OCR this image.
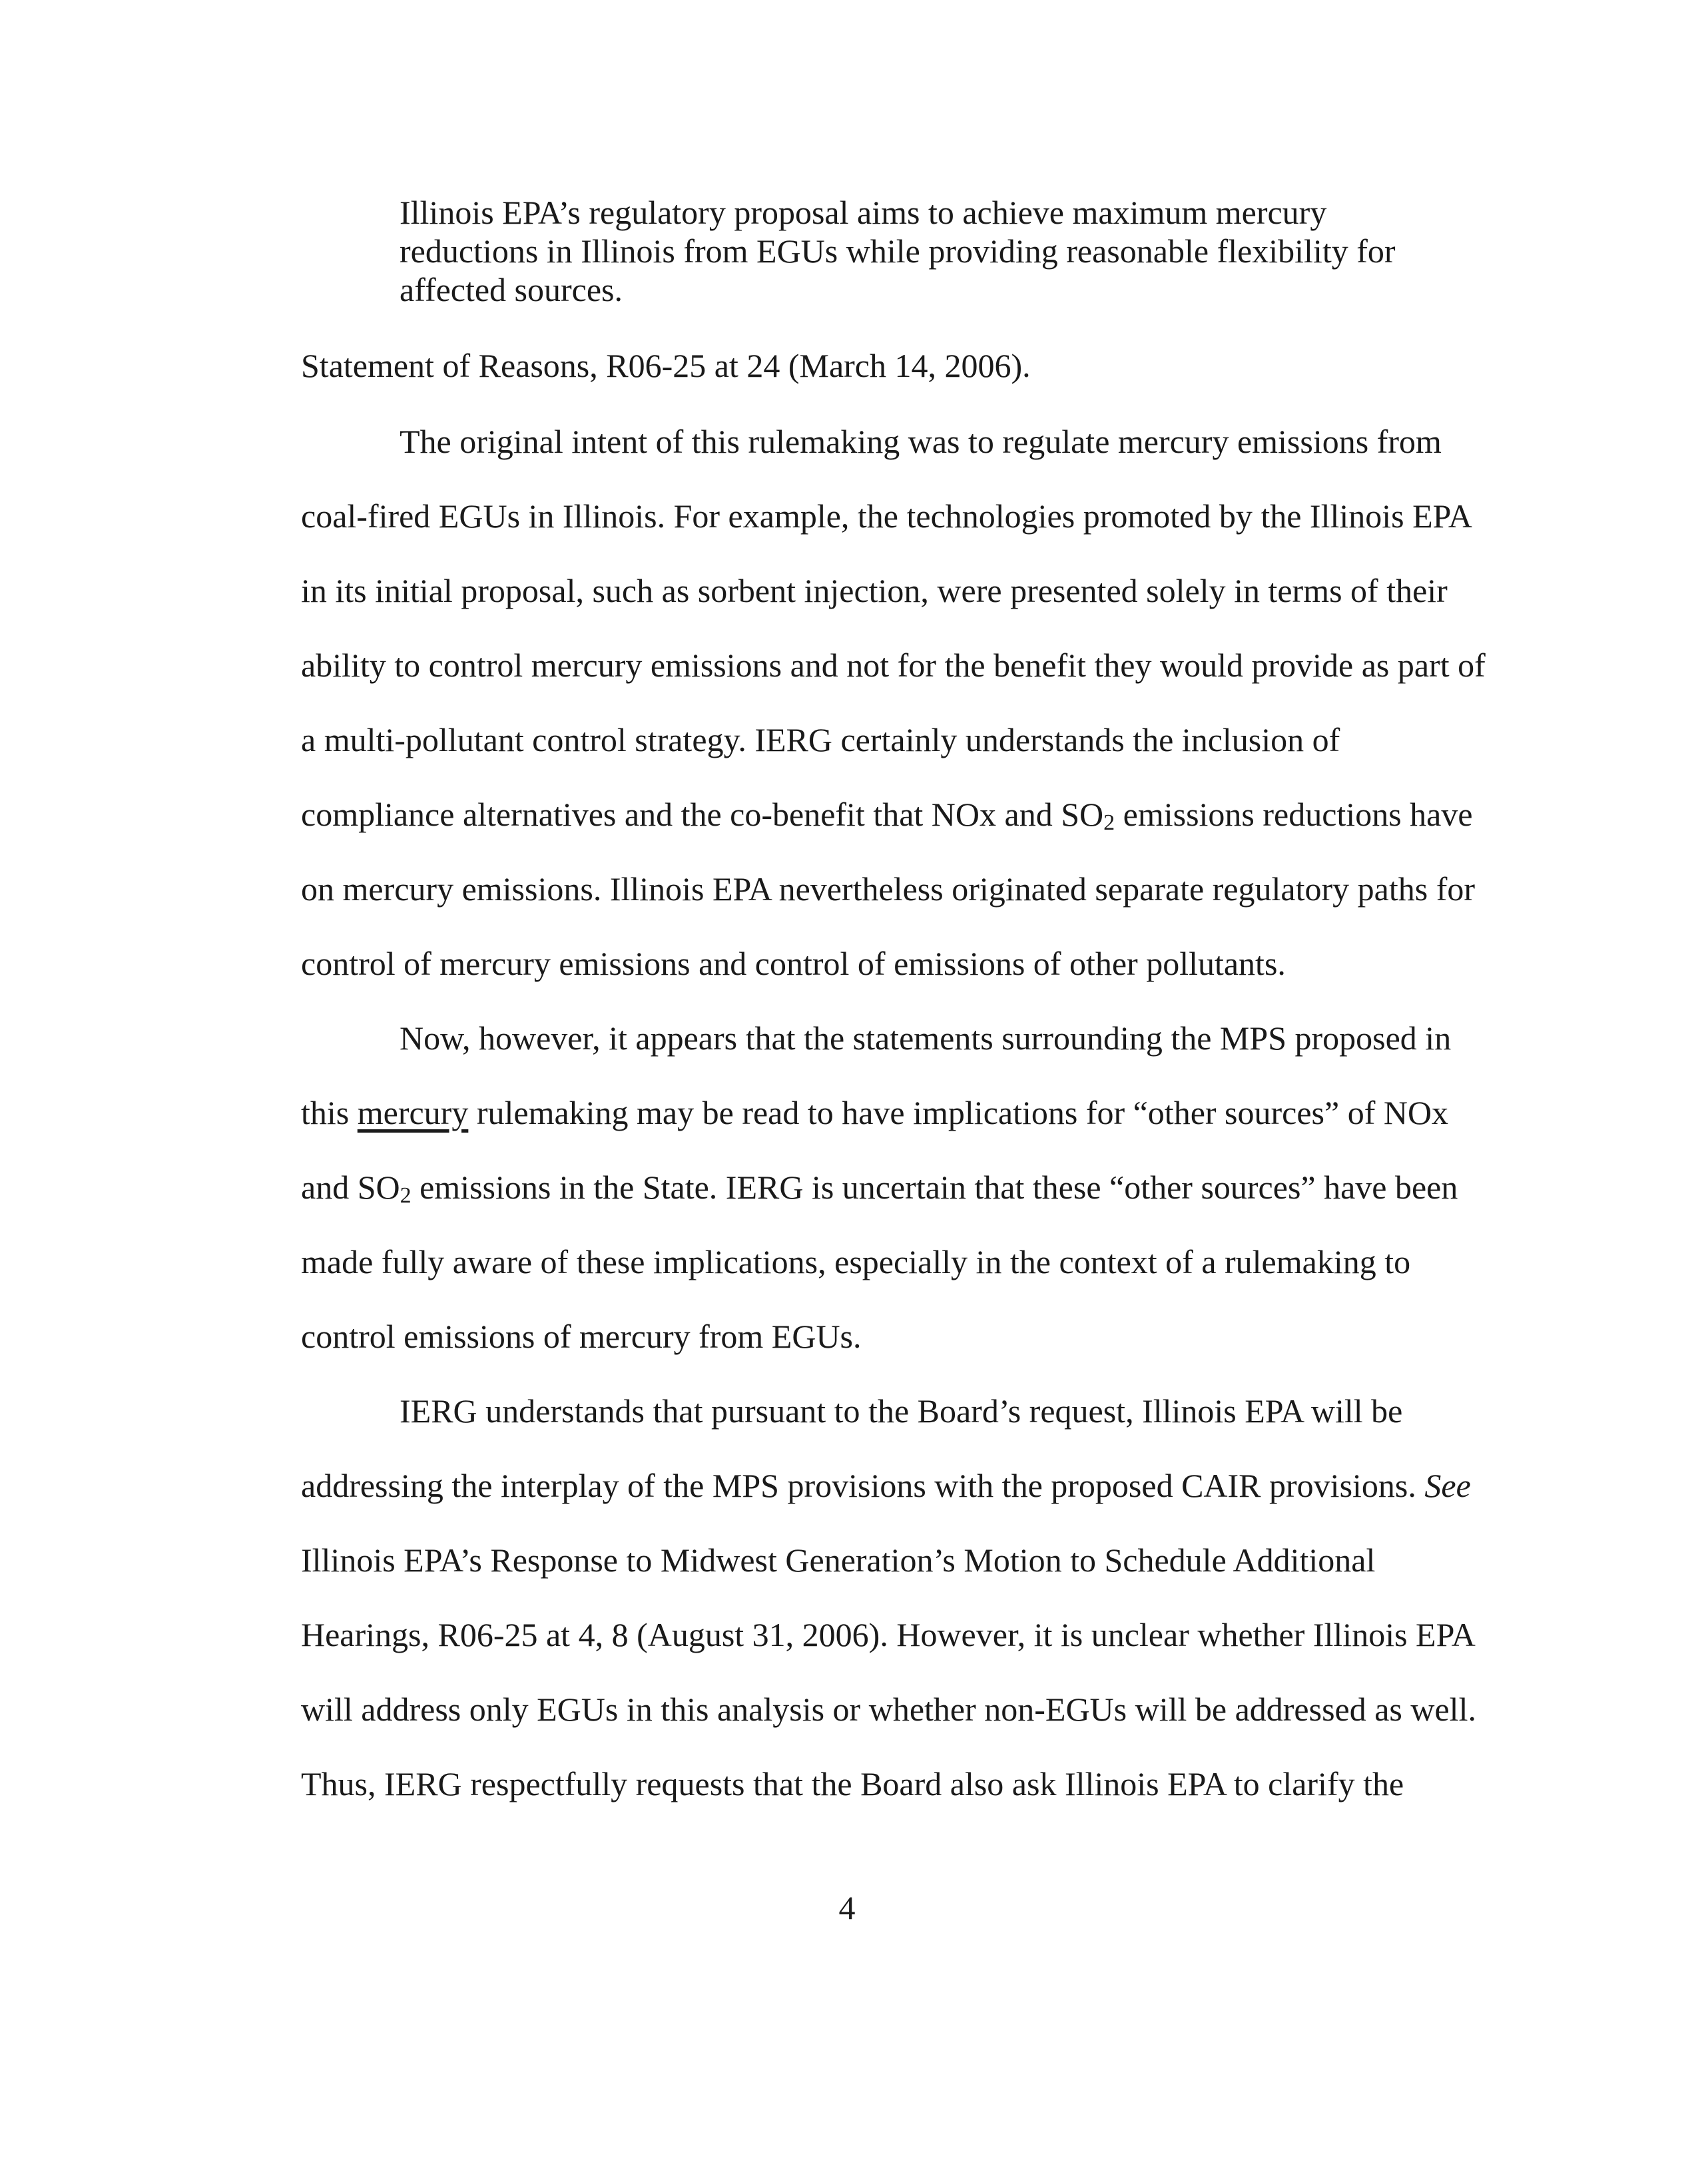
Illinois EPA’s regulatory proposal aims to achieve maximum mercury
reductions in Illinois from EGUs while providing reasonable flexibility for
affected sources.
Statement of Reasons, R06-25 at 24 (March 14, 2006).
The original intent of this rulemaking was to regulate mercury emissions from
coal-fired EGUs in Illinois. For example, the technologies promoted by the Illinois EPA
in its initial proposal, such as sorbent injection, were presented solely in terms of their
ability to control mercury emissions and not for the benefit they would provide as part of
a multi-pollutant control strategy. IERG certainly understands the inclusion of
compliance alternatives and the co-benefit that NOx and $SO_2$ emissions reductions have
on mercury emissions. Illinois EPA nevertheless originated separate regulatory paths for
control of mercury emissions and control of emissions of other pollutants.
Now, however, it appears that the statements surrounding the MPS proposed in
this mercury rulemaking may be read to have implications for “other sources” of NOx
and $SO_2$ emissions in the State. IERG is uncertain that these “other sources” have been
made fully aware of these implications, especially in the context of a rulemaking to
control emissions of mercury from EGUs.
IERG understands that pursuant to the Board’s request, Illinois EPA will be
addressing the interplay of the MPS provisions with the proposed CAIR provisions. See
Illinois EPA’s Response to Midwest Generation’s Motion to Schedule Additional
Hearings, R06-25 at 4, 8 (August 31, 2006). However, it is unclear whether Illinois EPA
will address only EGUs in this analysis or whether non-EGUs will be addressed as well.
Thus, IERG respectfully requests that the Board also ask Illinois EPA to clarify the
4
